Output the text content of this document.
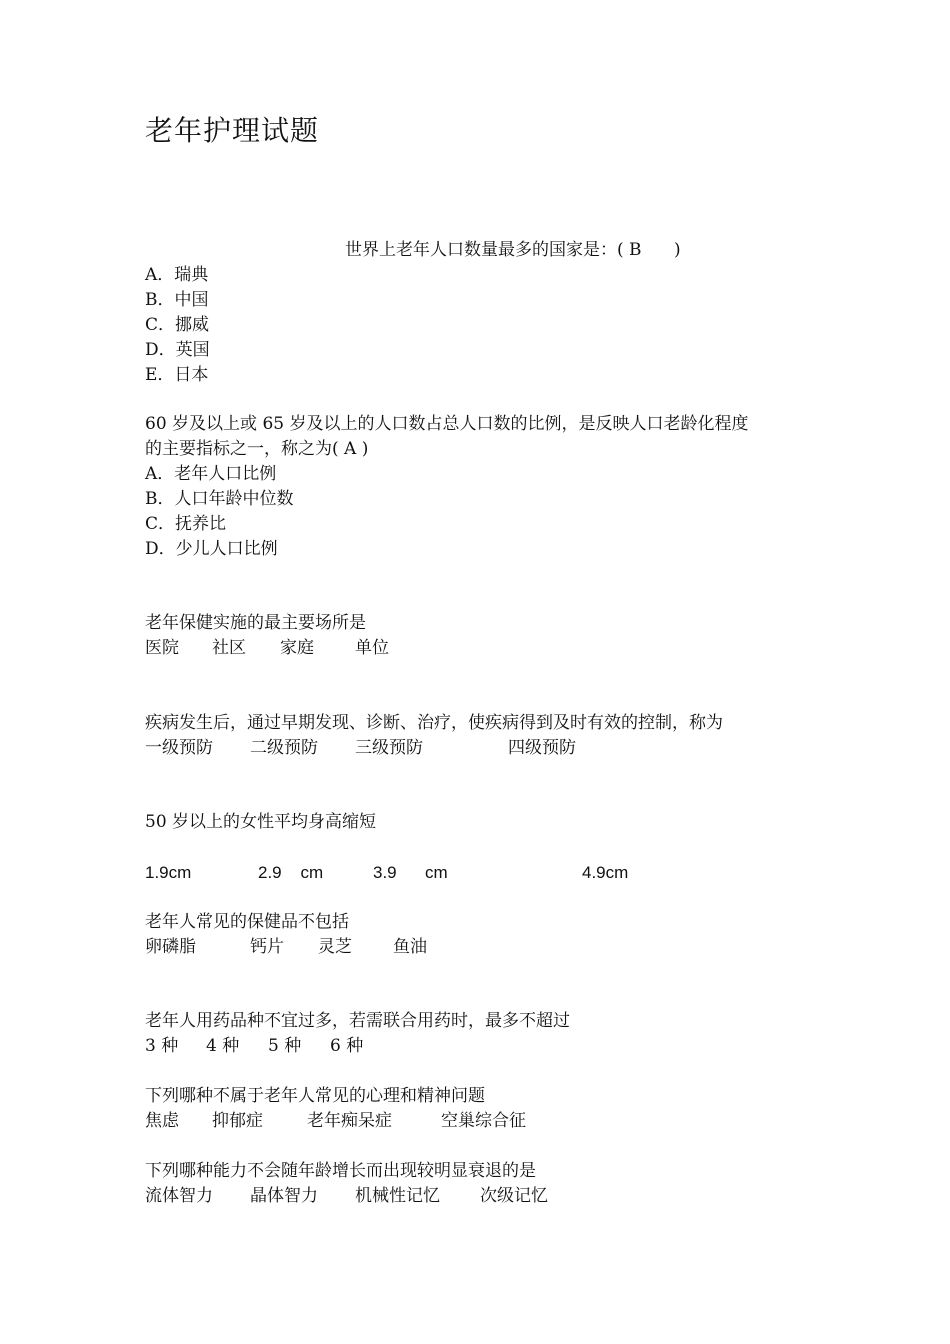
老年护理试题
世界上老年人口数量最多的国家是：( B      )
A．瑞典
B．中国
C．挪威
D．英国
E．日本
60 岁及以上或 65 岁及以上的人口数占总人口数的比例，是反映人口老龄化程度
的主要指标之一，称之为( A )
A．老年人口比例
B．人口年龄中位数
C．抚养比
D．少儿人口比例
老年保健实施的最主要场所是
医院 社区 家庭 单位
疾病发生后，通过早期发现、诊断、治疗，使疾病得到及时有效的控制，称为
一级预防 二级预防 三级预防	四级预防
50 岁以上的女性平均身高缩短
1.9cm	2.9    cm	3.9      cm	4.9cm
老年人常见的保健品不包括
卵磷脂	钙片 灵芝 鱼油
老年人用药品种不宜过多，若需联合用药时，最多不超过
3 种 4 种 5 种 6 种
下列哪种不属于老年人常见的心理和精神问题
焦虑 抑郁症	老年痴呆症	空巢综合征
下列哪种能力不会随年龄增长而出现较明显衰退的是
流体智力 晶体智力 机械性记忆 次级记忆
